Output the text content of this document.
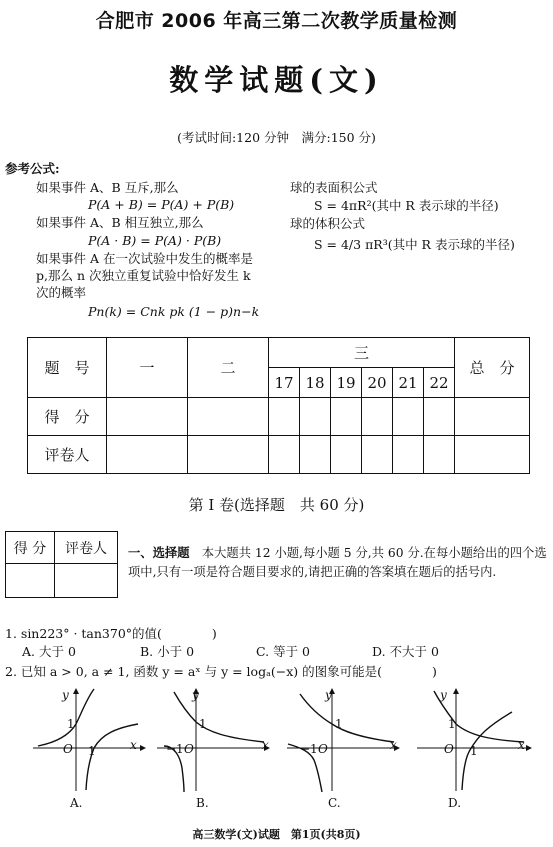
合肥市 2006 年高三第二次教学质量检测
数学试题(文)
(考试时间:120 分钟　满分:150 分)
参考公式:
如果事件 A、B 互斥,那么
P(A + B) = P(A) + P(B)
如果事件 A、B 相互独立,那么
P(A · B) = P(A) · P(B)
如果事件 A 在一次试验中发生的概率是
p,那么 n 次独立重复试验中恰好发生 k
次的概率
Pn(k) = Cnk pk (1 − p)n−k
球的表面积公式
S = 4πR²(其中 R 表示球的半径)
球的体积公式
S = 4/3 πR³(其中 R 表示球的半径)
题　号	一	二	三						总　分
			17	18	19	20	21	22	
得　分									
评卷人									
第 I 卷(选择题　共 60 分)
得 分	评卷人
	一、选择题　 本大题共 12 小题,每小题 5 分,共 60 分.在每小题给出的四个选项中,只有一项是符合题目要求的,请把正确的答案填在题后的括号内.
1. sin223° · tan370°的值(　　　　)
A. 大于 0	B. 小于 0	C. 等于 0	D. 不大于 0
2. 已知 a > 0, a ≠ 1, 函数 y = aˣ 与 y = logₐ(−x) 的图象可能是(　　　　)
y
x
O
1
1
A.
y
x
O
1
−1
B.
y
x
O
1
−1
C.
y
x
O
1
1
D.
高三数学(文)试题　第1页(共8页)
